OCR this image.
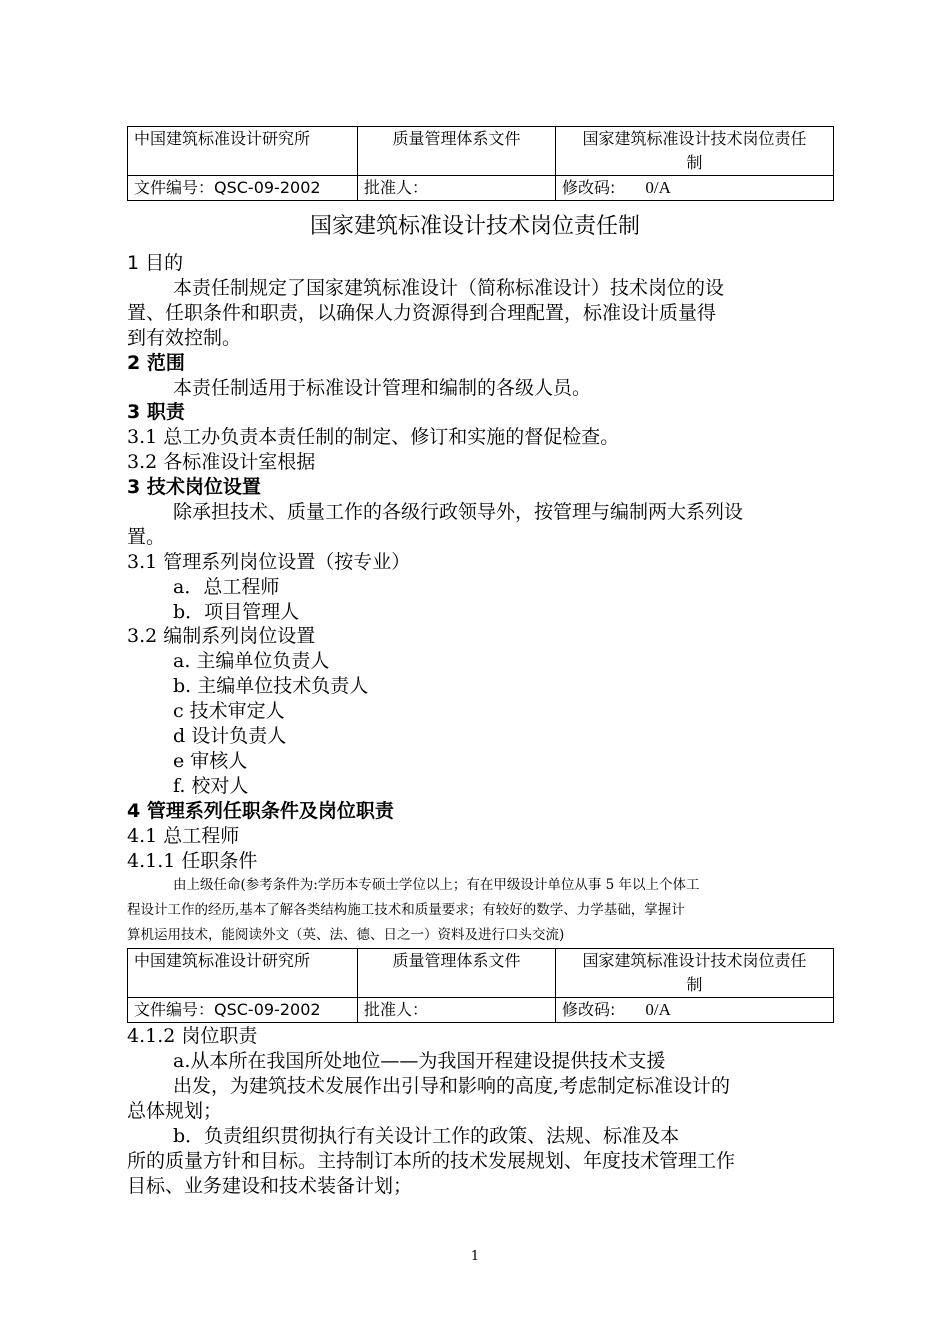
中国建筑标准设计研究所	质量管理体系文件	国家建筑标准设计技术岗位责任
制
文件编号：QSC-09-2002	批准人：	修改码: 0/A
国家建筑标准设计技术岗位责任制
1 目的
本责任制规定了国家建筑标准设计（简称标准设计）技术岗位的设
置、任职条件和职责，以确保人力资源得到合理配置，标准设计质量得
到有效控制。
2 范围
本责任制适用于标准设计管理和编制的各级人员。
3 职责
3.1 总工办负责本责任制的制定、修订和实施的督促检查。
3.2 各标准设计室根据
3 技术岗位设置
除承担技术、质量工作的各级行政领导外，按管理与编制两大系列设
置。
3.1 管理系列岗位设置（按专业）
a．总工程师
b．项目管理人
3.2 编制系列岗位设置
a. 主编单位负责人
b. 主编单位技术负责人
c 技术审定人
d 设计负责人
e 审核人
f. 校对人
4 管理系列任职条件及岗位职责
4.1 总工程师
4.1.1 任职条件
由上级任命(参考条件为:学历本专硕士学位以上；有在甲级设计单位从事 5 年以上个体工
程设计工作的经历,基本了解各类结构施工技术和质量要求；有较好的数学、力学基础，掌握计
算机运用技术，能阅读外文（英、法、德、日之一）资料及进行口头交流)
中国建筑标准设计研究所	质量管理体系文件	国家建筑标准设计技术岗位责任
制
文件编号：QSC-09-2002	批准人：	修改码: 0/A
4.1.2 岗位职责
a.从本所在我国所处地位——为我国开程建设提供技术支援
出发，为建筑技术发展作出引导和影响的高度,考虑制定标准设计的
总体规划；
b．负责组织贯彻执行有关设计工作的政策、法规、标准及本
所的质量方针和目标。主持制订本所的技术发展规划、年度技术管理工作
目标、业务建设和技术装备计划；
1
